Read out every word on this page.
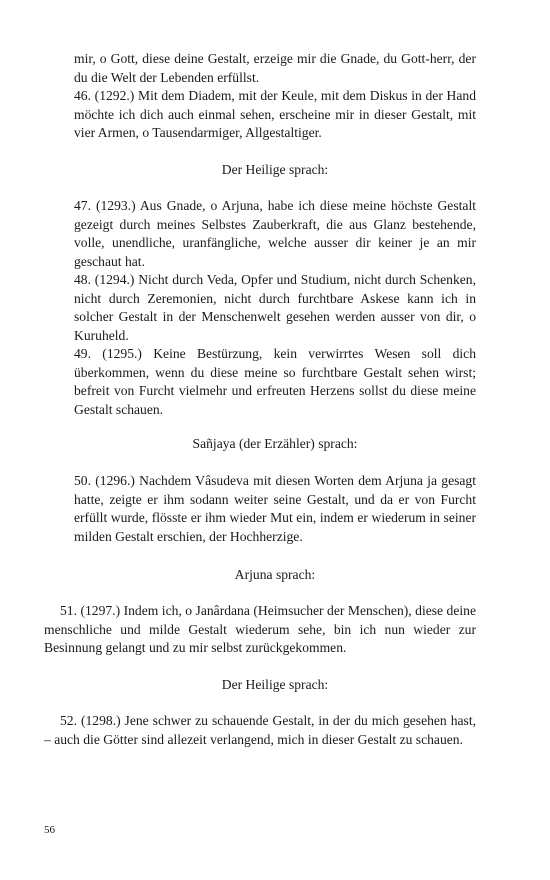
mir, o Gott, diese deine Gestalt, erzeige mir die Gnade, du Gott-herr, der du die Welt der Lebenden erfüllst.

46. (1292.) Mit dem Diadem, mit der Keule, mit dem Diskus in der Hand möchte ich dich auch einmal sehen, erscheine mir in dieser Gestalt, mit vier Armen, o Tausendarmiger, Allgestaltiger.

Der Heilige sprach:

47. (1293.) Aus Gnade, o Arjuna, habe ich diese meine höchste Gestalt gezeigt durch meines Selbstes Zauberkraft, die aus Glanz bestehende, volle, unendliche, uranfängliche, welche ausser dir keiner je an mir geschaut hat.

48. (1294.) Nicht durch Veda, Opfer und Studium, nicht durch Schenken, nicht durch Zeremonien, nicht durch furchtbare Askese kann ich in solcher Gestalt in der Menschenwelt gesehen werden ausser von dir, o Kuruheld.

49. (1295.) Keine Bestürzung, kein verwirrtes Wesen soll dich überkommen, wenn du diese meine so furchtbare Gestalt sehen wirst; befreit von Furcht vielmehr und erfreuten Herzens sollst du diese meine Gestalt schauen.

Sañjaya (der Erzähler) sprach:

50. (1296.) Nachdem Vâsudeva mit diesen Worten dem Arjuna ja gesagt hatte, zeigte er ihm sodann weiter seine Gestalt, und da er von Furcht erfüllt wurde, flösste er ihm wieder Mut ein, indem er wiederum in seiner milden Gestalt erschien, der Hochherzige.

Arjuna sprach:

51. (1297.) Indem ich, o Janârdana (Heimsucher der Menschen), diese deine menschliche und milde Gestalt wiederum sehe, bin ich nun wieder zur Besinnung gelangt und zu mir selbst zurückgekommen.

Der Heilige sprach:

52. (1298.) Jene schwer zu schauende Gestalt, in der du mich gesehen hast, – auch die Götter sind allezeit verlangend, mich in dieser Gestalt zu schauen.

56
